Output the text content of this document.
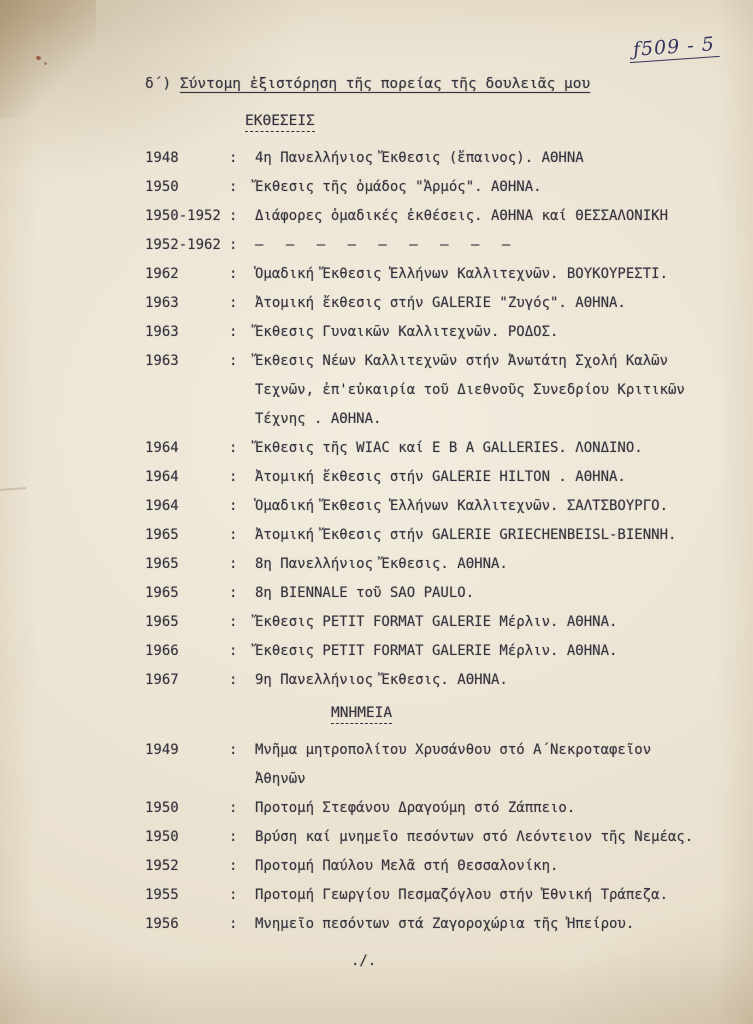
ƒ509 - 5
δ΄) Σύντομη ἐξιστόρηση τῆς πορείας τῆς δουλειᾶς μου
ΕΚΘΕΣΕΙΣ
1948	:	4η Πανελλήνιος Ἔκθεσις (ἔπαινος). ΑΘΗΝΑ
1950	:	Ἔκθεσις τῆς ὁμάδος "Ἁρμός". ΑΘΗΝΑ.
1950-1952 :	Διάφορες ὁμαδικές ἐκθέσεις. ΑΘΗΝΑ καί ΘΕΣΣΑΛΟΝΙΚΗ
1952-1962 :	— — — — — — — — —
1962	:	Ὁμαδική Ἔκθεσις Ἑλλήνων Καλλιτεχνῶν. ΒΟΥΚΟΥΡΕΣΤΙ.
1963	:	Ἀτομική ἔκθεσις στήν GALERIE "Ζυγός". ΑΘΗΝΑ.
1963	:	Ἔκθεσις Γυναικῶν Καλλιτεχνῶν. ΡΟΔΟΣ.
1963	:	Ἔκθεσις Νέων Καλλιτεχνῶν στήν Ἀνωτάτη Σχολή Καλῶν Τεχνῶν, ἐπ'εὐκαιρία τοῦ Διεθνοῦς Συνεδρίου Κριτικῶν Τέχνης . ΑΘΗΝΑ.
1964	:	Ἔκθεσις τῆς WIAC καί Ε Β Α GALLERIES. ΛΟΝΔΙΝΟ.
1964	:	Ἀτομική ἔκθεσις στήν GALERIE HILTON . ΑΘΗΝΑ.
1964	:	Ὁμαδική Ἔκθεσις Ἑλλήνων Καλλιτεχνῶν. ΣΑΛΤΣΒΟΥΡΓΟ.
1965	:	Ἀτομική Ἔκθεσις στήν GALERIE GRIECHENBEISL-ΒΙΕΝΝΗ.
1965	:	8η Πανελλήνιος Ἔκθεσις. ΑΘΗΝΑ.
1965	:	8η BIENNALE τοῦ SAO PAULO.
1965	:	Ἔκθεσις PETIT FORMAT GALERIE Μέρλιν. ΑΘΗΝΑ.
1966	:	Ἔκθεσις PETIT FORMAT GALERIE Μέρλιν. ΑΘΗΝΑ.
1967	:	9η Πανελλήνιος Ἔκθεσις. ΑΘΗΝΑ.
ΜΝΗΜΕΙΑ
1949	:	Μνῆμα μητροπολίτου Χρυσάνθου στό Α΄Νεκροταφεῖον Ἀθηνῶν
1950	:	Προτομή Στεφάνου Δραγούμη στό Ζάππειο.
1950	:	Βρύση καί μνημεῖο πεσόντων στό Λεόντειον τῆς Νεμέας.
1952	:	Προτομή Παύλου Μελᾶ στή Θεσσαλονίκη.
1955	:	Προτομή Γεωργίου Πεσμαζόγλου στήν Ἐθνική Τράπεζα.
1956	:	Μνημεῖο πεσόντων στά Ζαγοροχώρια τῆς Ἠπείρου.
./.
